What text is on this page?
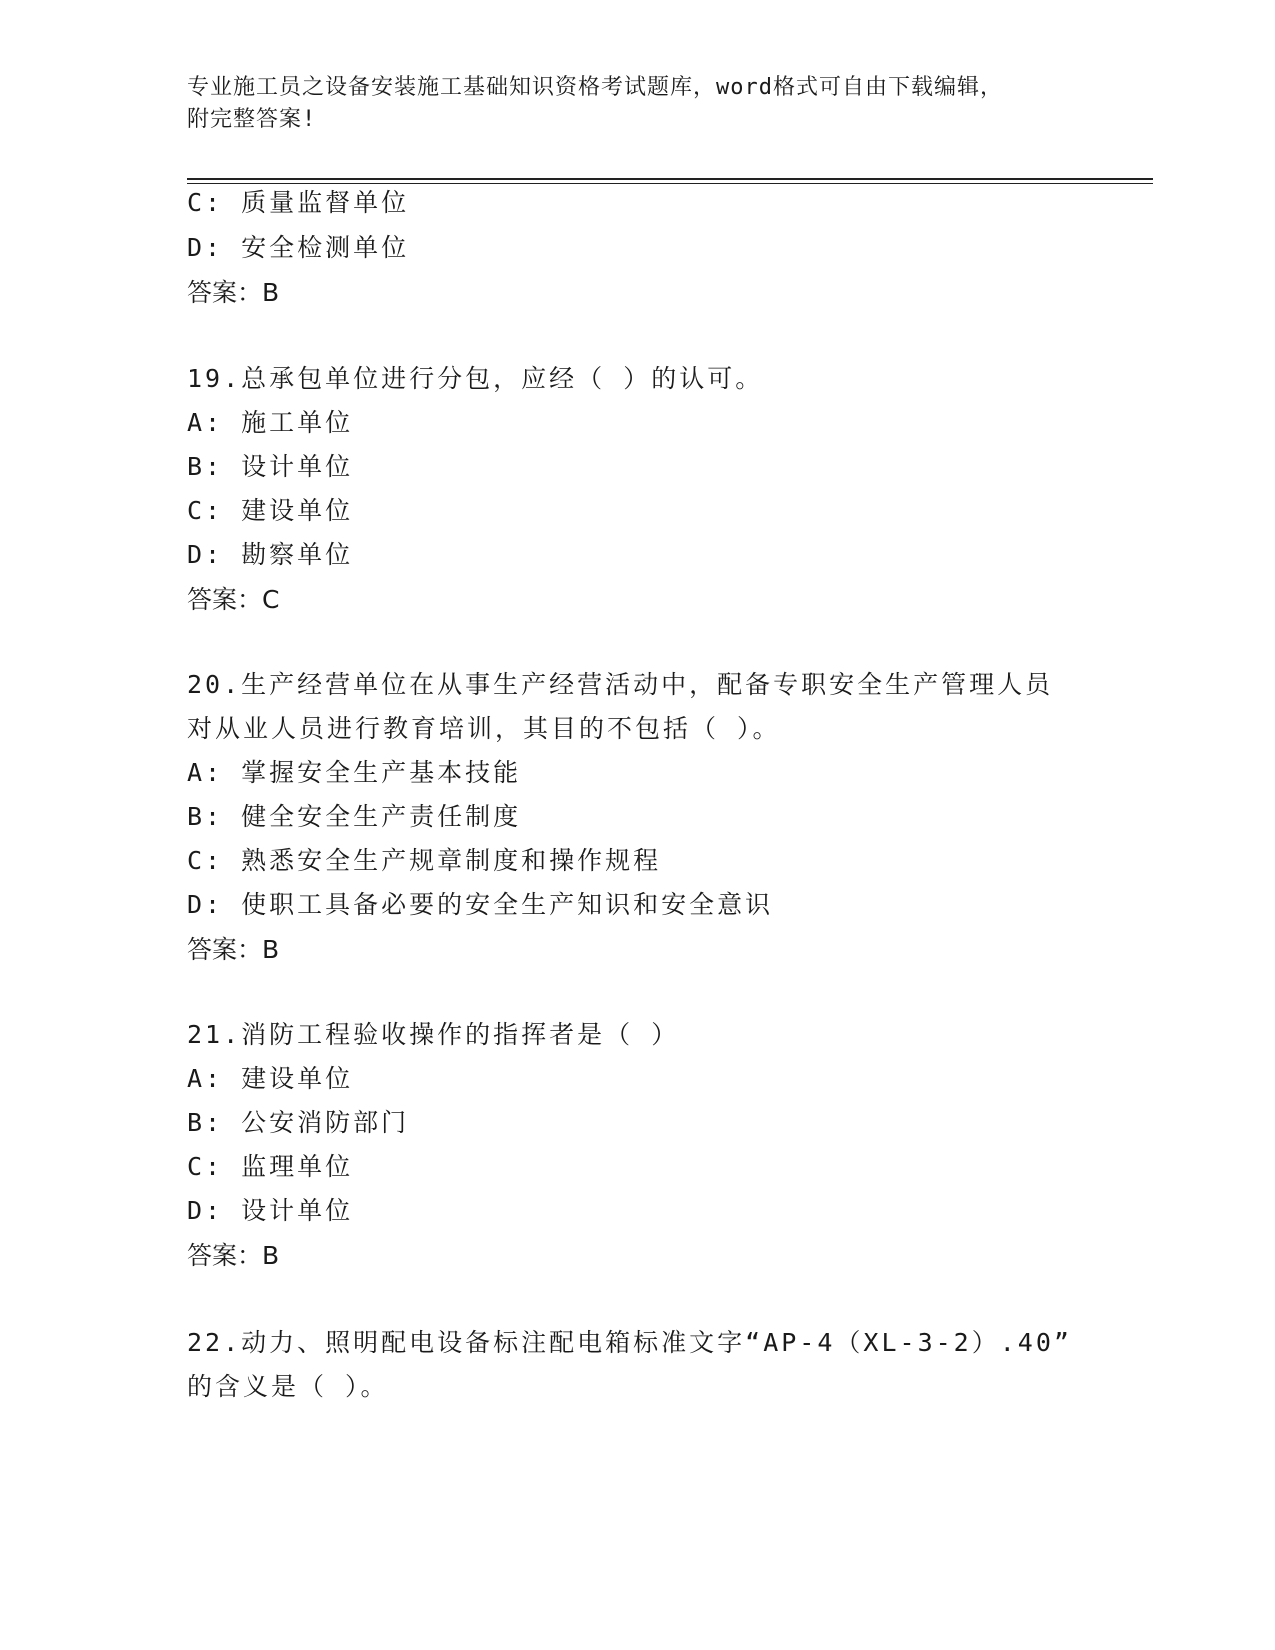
专业施工员之设备安装施工基础知识资格考试题库，word格式可自由下载编辑，
附完整答案!
C: 质量监督单位
D: 安全检测单位
答案：B
19.总承包单位进行分包，应经（ ）的认可。
A: 施工单位
B: 设计单位
C: 建设单位
D: 勘察单位
答案：C
20.生产经营单位在从事生产经营活动中，配备专职安全生产管理人员
对从业人员进行教育培训，其目的不包括（ ）。
A: 掌握安全生产基本技能
B: 健全安全生产责任制度
C: 熟悉安全生产规章制度和操作规程
D: 使职工具备必要的安全生产知识和安全意识
答案：B
21.消防工程验收操作的指挥者是（ ）
A: 建设单位
B: 公安消防部门
C: 监理单位
D: 设计单位
答案：B
22.动力、照明配电设备标注配电箱标准文字“AP-4（XL-3-2）.40”
的含义是（ ）。
